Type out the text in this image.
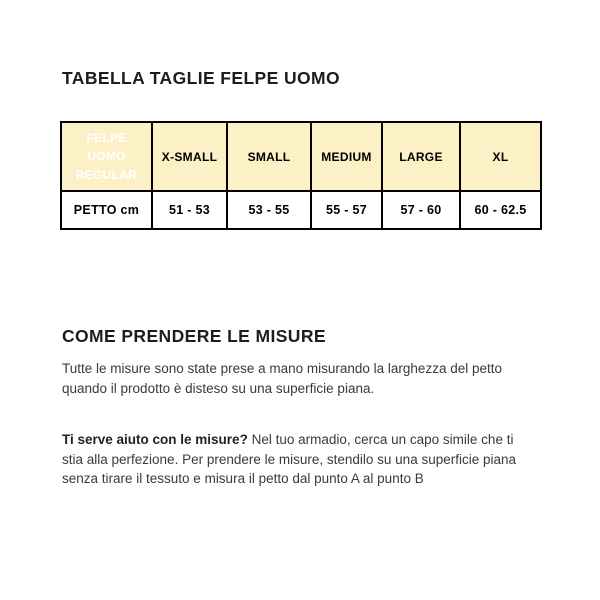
TABELLA TAGLIE FELPE UOMO
FELPE UOMO REGULAR	X-SMALL	SMALL	MEDIUM	LARGE	XL
PETTO cm	51 - 53	53 - 55	55 - 57	57 - 60	60 - 62.5
COME PRENDERE LE MISURE

Tutte le misure sono state prese a mano misurando la larghezza del petto quando il prodotto è disteso su una superficie piana.

Ti serve aiuto con le misure? Nel tuo armadio, cerca un capo simile che ti stia alla perfezione. Per prendere le misure, stendilo su una superficie piana senza tirare il tessuto e misura il petto dal punto A al punto B
